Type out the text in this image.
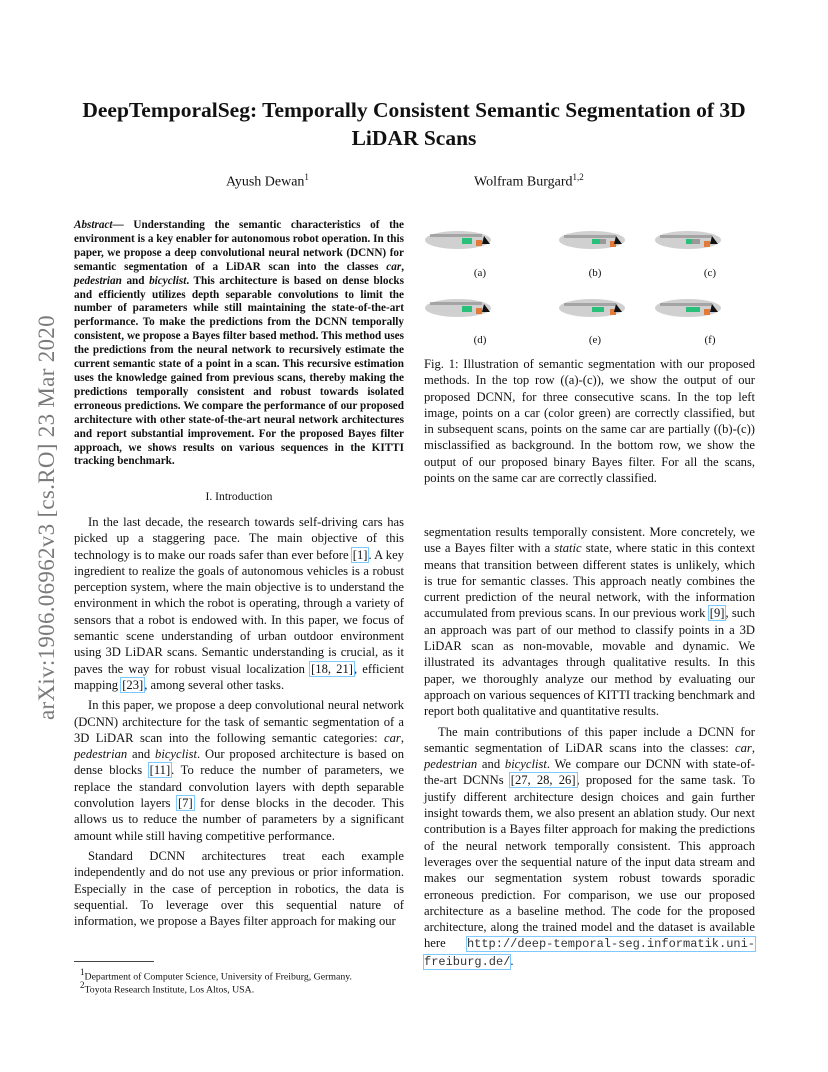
DeepTemporalSeg: Temporally Consistent Semantic Segmentation of 3D
LiDAR Scans
Ayush Dewan$^1$	Wolfram Burgard$^{1,2}$
arXiv:1906.06962v3 [cs.RO] 23 Mar 2020
Abstract— Understanding the semantic characteristics of the environment is a key enabler for autonomous robot operation. In this paper, we propose a deep convolutional neural network (DCNN) for semantic segmentation of a LiDAR scan into the classes car, pedestrian and bicyclist. This architecture is based on dense blocks and efficiently utilizes depth separable convolutions to limit the number of parameters while still maintaining the state-of-the-art performance. To make the predictions from the DCNN temporally consistent, we propose a Bayes filter based method. This method uses the predictions from the neural network to recursively estimate the current semantic state of a point in a scan. This recursive estimation uses the knowledge gained from previous scans, thereby making the predictions temporally consistent and robust towards isolated erroneous predictions. We compare the performance of our proposed architecture with other state-of-the-art neural network architectures and report substantial improvement. For the proposed Bayes filter approach, we shows results on various sequences in the KITTI tracking benchmark.
I. Introduction

In the last decade, the research towards self-driving cars has picked up a staggering pace. The main objective of this technology is to make our roads safer than ever before [1]. A key ingredient to realize the goals of autonomous vehicles is a robust perception system, where the main objective is to understand the environment in which the robot is operating, through a variety of sensors that a robot is endowed with. In this paper, we focus of semantic scene understanding of urban outdoor environment using 3D LiDAR scans. Semantic understanding is crucial, as it paves the way for robust visual localization [18, 21], efficient mapping [23], among several other tasks.

In this paper, we propose a deep convolutional neural network (DCNN) architecture for the task of semantic segmentation of a 3D LiDAR scan into the following semantic categories: car, pedestrian and bicyclist. Our proposed architecture is based on dense blocks [11]. To reduce the number of parameters, we replace the standard convolution layers with depth separable convolution layers [7] for dense blocks in the decoder. This allows us to reduce the number of parameters by a significant amount while still having competitive performance.

Standard DCNN architectures treat each example independently and do not use any previous or prior information. Especially in the case of perception in robotics, the data is sequential. To leverage over this sequential nature of information, we propose a Bayes filter approach for making our

$^1$Department of Computer Science, University of Freiburg, Germany.
$^2$Toyota Research Institute, Los Altos, USA.
(a)	(b)	(c)
(d)	(e)	(f)
Fig. 1: Illustration of semantic segmentation with our proposed methods. In the top row ((a)-(c)), we show the output of our proposed DCNN, for three consecutive scans. In the top left image, points on a car (color green) are correctly classified, but in subsequent scans, points on the same car are partially ((b)-(c)) misclassified as background. In the bottom row, we show the output of our proposed binary Bayes filter. For all the scans, points on the same car are correctly classified.

segmentation results temporally consistent. More concretely, we use a Bayes filter with a static state, where static in this context means that transition between different states is unlikely, which is true for semantic classes. This approach neatly combines the current prediction of the neural network, with the information accumulated from previous scans. In our previous work [9], such an approach was part of our method to classify points in a 3D LiDAR scan as non-movable, movable and dynamic. We illustrated its advantages through qualitative results. In this paper, we thoroughly analyze our method by evaluating our approach on various sequences of KITTI tracking benchmark and report both qualitative and quantitative results.

The main contributions of this paper include a DCNN for semantic segmentation of LiDAR scans into the classes: car, pedestrian and bicyclist. We compare our DCNN with state-of-the-art DCNNs [27, 28, 26], proposed for the same task. To justify different architecture design choices and gain further insight towards them, we also present an ablation study. Our next contribution is a Bayes filter approach for making the predictions of the neural network temporally consistent. This approach leverages over the sequential nature of the input data stream and makes our segmentation system robust towards sporadic erroneous prediction. For comparison, we use our proposed architecture as a baseline method. The code for the proposed architecture, along the trained model and the dataset is available here http://deep-temporal-seg.informatik.uni-freiburg.de/.
